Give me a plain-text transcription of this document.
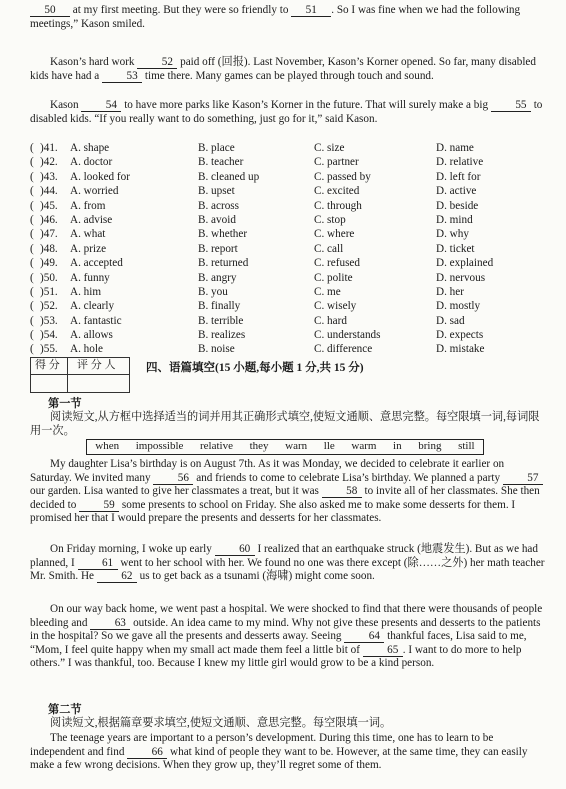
50 at my first meeting. But they were so friendly to 51 . So I was fine when we had the following meetings,” Kason smiled.

Kason’s hard work 52 paid off (回报). Last November, Kason’s Korner opened. So far, many disabled kids have had a 53 time there. Many games can be played through touch and sound.

Kason 54 to have more parks like Kason’s Korner in the future. That will surely make a big 55 to disabled kids. “If you really want to do something, just go for it,” said Kason.

( )41. A. shape	B. place	C. size	D. name
( )42. A. doctor	B. teacher	C. partner	D. relative
( )43. A. looked for	B. cleaned up	C. passed by	D. left for
( )44. A. worried	B. upset	C. excited	D. active
( )45. A. from	B. across	C. through	D. beside
( )46. A. advise	B. avoid	C. stop	D. mind
( )47. A. what	B. whether	C. where	D. why
( )48. A. prize	B. report	C. call	D. ticket
( )49. A. accepted	B. returned	C. refused	D. explained
( )50. A. funny	B. angry	C. polite	D. nervous
( )51. A. him	B. you	C. me	D. her
( )52. A. clearly	B. finally	C. wisely	D. mostly
( )53. A. fantastic	B. terrible	C. hard	D. sad
( )54. A. allows	B. realizes	C. understands	D. expects
( )55. A. hole	B. noise	C. difference	D. mistake
得 分 评 分 人	四、语篇填空(15 小题,每小题 1 分,共 15 分)
第一节

阅读短文,从方框中选择适当的词并用其正确形式填空,使短文通顺、意思完整。每空限填一词,每词限用一次。

when impossible relative they warn lle warm in bring still

My daughter Lisa’s birthday is on August 7th. As it was Monday, we decided to celebrate it earlier on Saturday. We invited many 56 and friends to come to celebrate Lisa’s birthday. We planned a party 57 our garden. Lisa wanted to give her classmates a treat, but it was 58 to invite all of her classmates. She then decided to 59 some presents to school on Friday. She also asked me to make some desserts for them. I promised her that I would prepare the presents and desserts for her classmates.

On Friday morning, I woke up early 60 I realized that an earthquake struck (地震发生). But as we had planned, I 61 went to her school with her. We found no one was there except (除……之外) her math teacher Mr. Smith. He 62 us to get back as a tsunami (海啸) might come soon.

On our way back home, we went past a hospital. We were shocked to find that there were thousands of people bleeding and 63 outside. An idea came to my mind. Why not give these presents and desserts to the patients in the hospital? So we gave all the presents and desserts away. Seeing 64 thankful faces, Lisa said to me, “Mom, I feel quite happy when my small act made them feel a little bit of 65 . I want to do more to help others.” I was thankful, too. Because I knew my little girl would grow to be a kind person.

第二节

阅读短文,根据篇章要求填空,使短文通顺、意思完整。每空限填一词。

The teenage years are important to a person’s development. During this time, one has to learn to be independent and find 66 what kind of people they want to be. However, at the same time, they can easily make a few wrong decisions. When they grow up, they’ll regret some of them.
